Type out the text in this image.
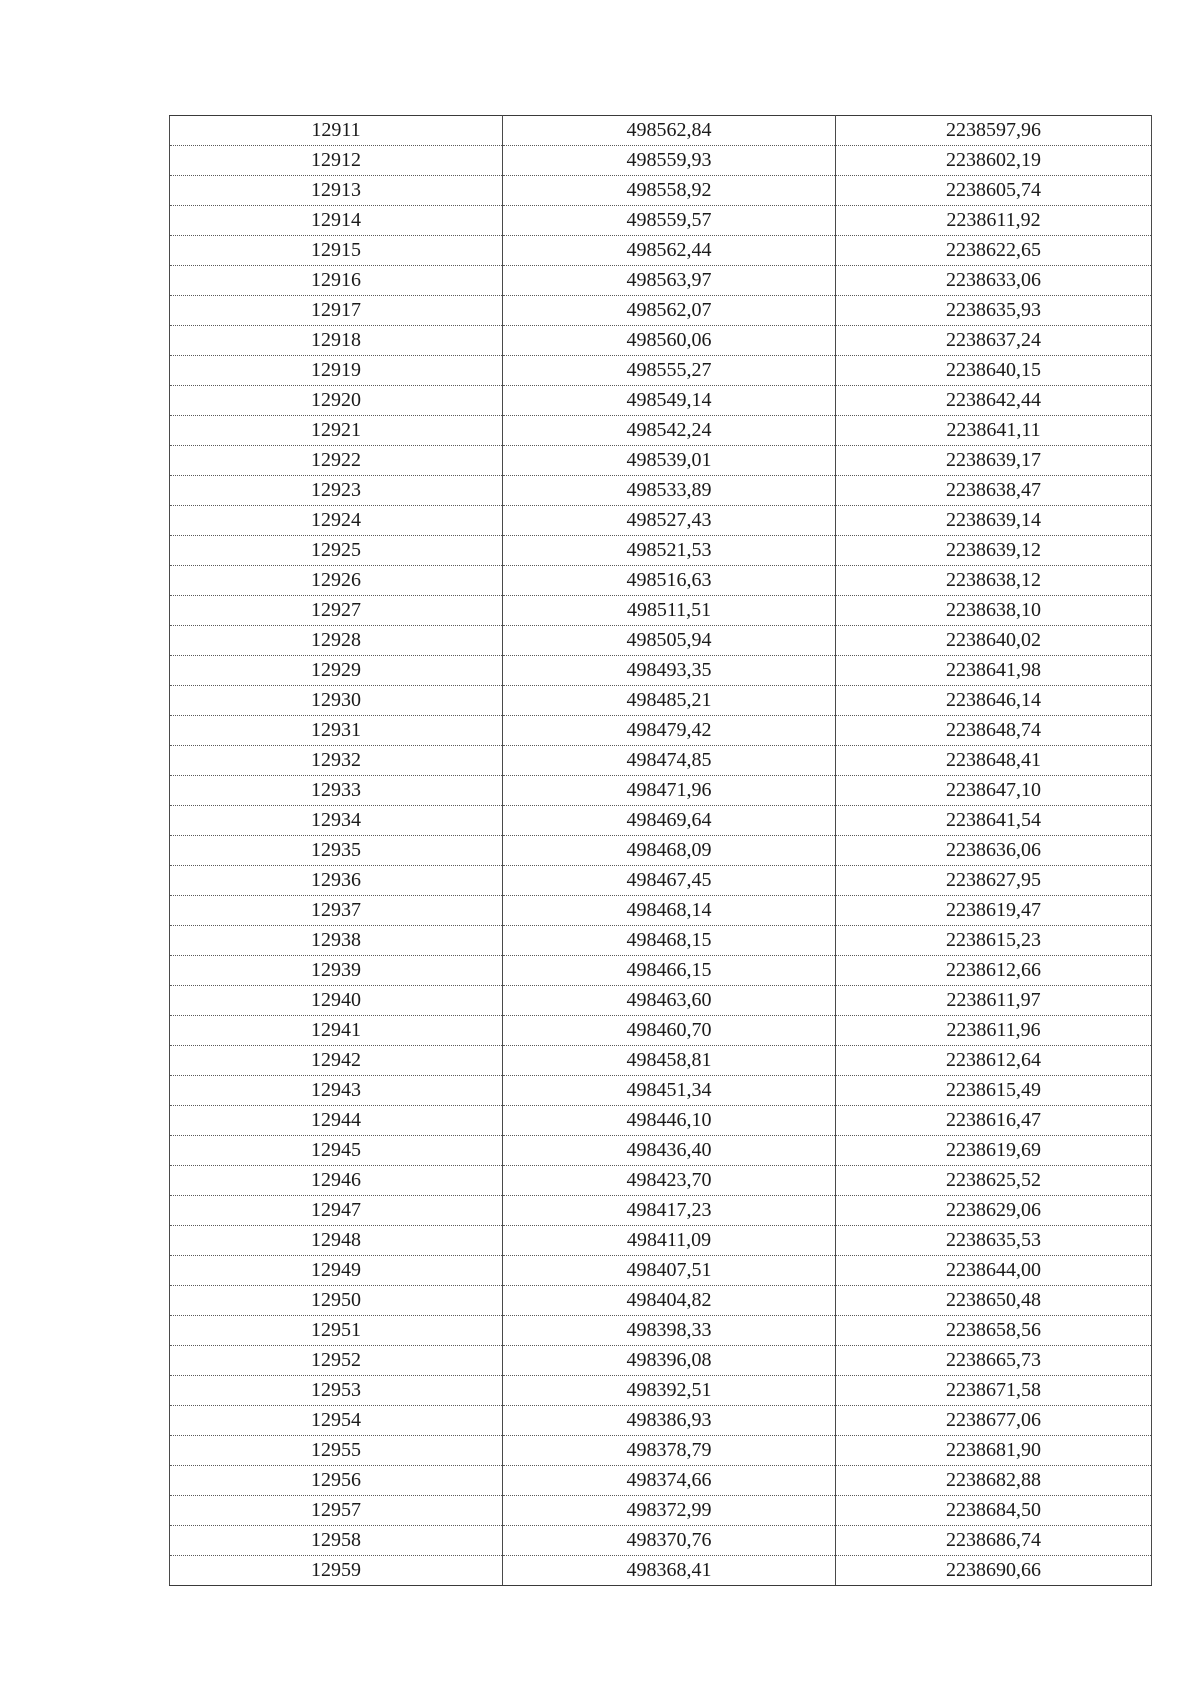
12911	498562,84	2238597,96
12912	498559,93	2238602,19
12913	498558,92	2238605,74
12914	498559,57	2238611,92
12915	498562,44	2238622,65
12916	498563,97	2238633,06
12917	498562,07	2238635,93
12918	498560,06	2238637,24
12919	498555,27	2238640,15
12920	498549,14	2238642,44
12921	498542,24	2238641,11
12922	498539,01	2238639,17
12923	498533,89	2238638,47
12924	498527,43	2238639,14
12925	498521,53	2238639,12
12926	498516,63	2238638,12
12927	498511,51	2238638,10
12928	498505,94	2238640,02
12929	498493,35	2238641,98
12930	498485,21	2238646,14
12931	498479,42	2238648,74
12932	498474,85	2238648,41
12933	498471,96	2238647,10
12934	498469,64	2238641,54
12935	498468,09	2238636,06
12936	498467,45	2238627,95
12937	498468,14	2238619,47
12938	498468,15	2238615,23
12939	498466,15	2238612,66
12940	498463,60	2238611,97
12941	498460,70	2238611,96
12942	498458,81	2238612,64
12943	498451,34	2238615,49
12944	498446,10	2238616,47
12945	498436,40	2238619,69
12946	498423,70	2238625,52
12947	498417,23	2238629,06
12948	498411,09	2238635,53
12949	498407,51	2238644,00
12950	498404,82	2238650,48
12951	498398,33	2238658,56
12952	498396,08	2238665,73
12953	498392,51	2238671,58
12954	498386,93	2238677,06
12955	498378,79	2238681,90
12956	498374,66	2238682,88
12957	498372,99	2238684,50
12958	498370,76	2238686,74
12959	498368,41	2238690,66
